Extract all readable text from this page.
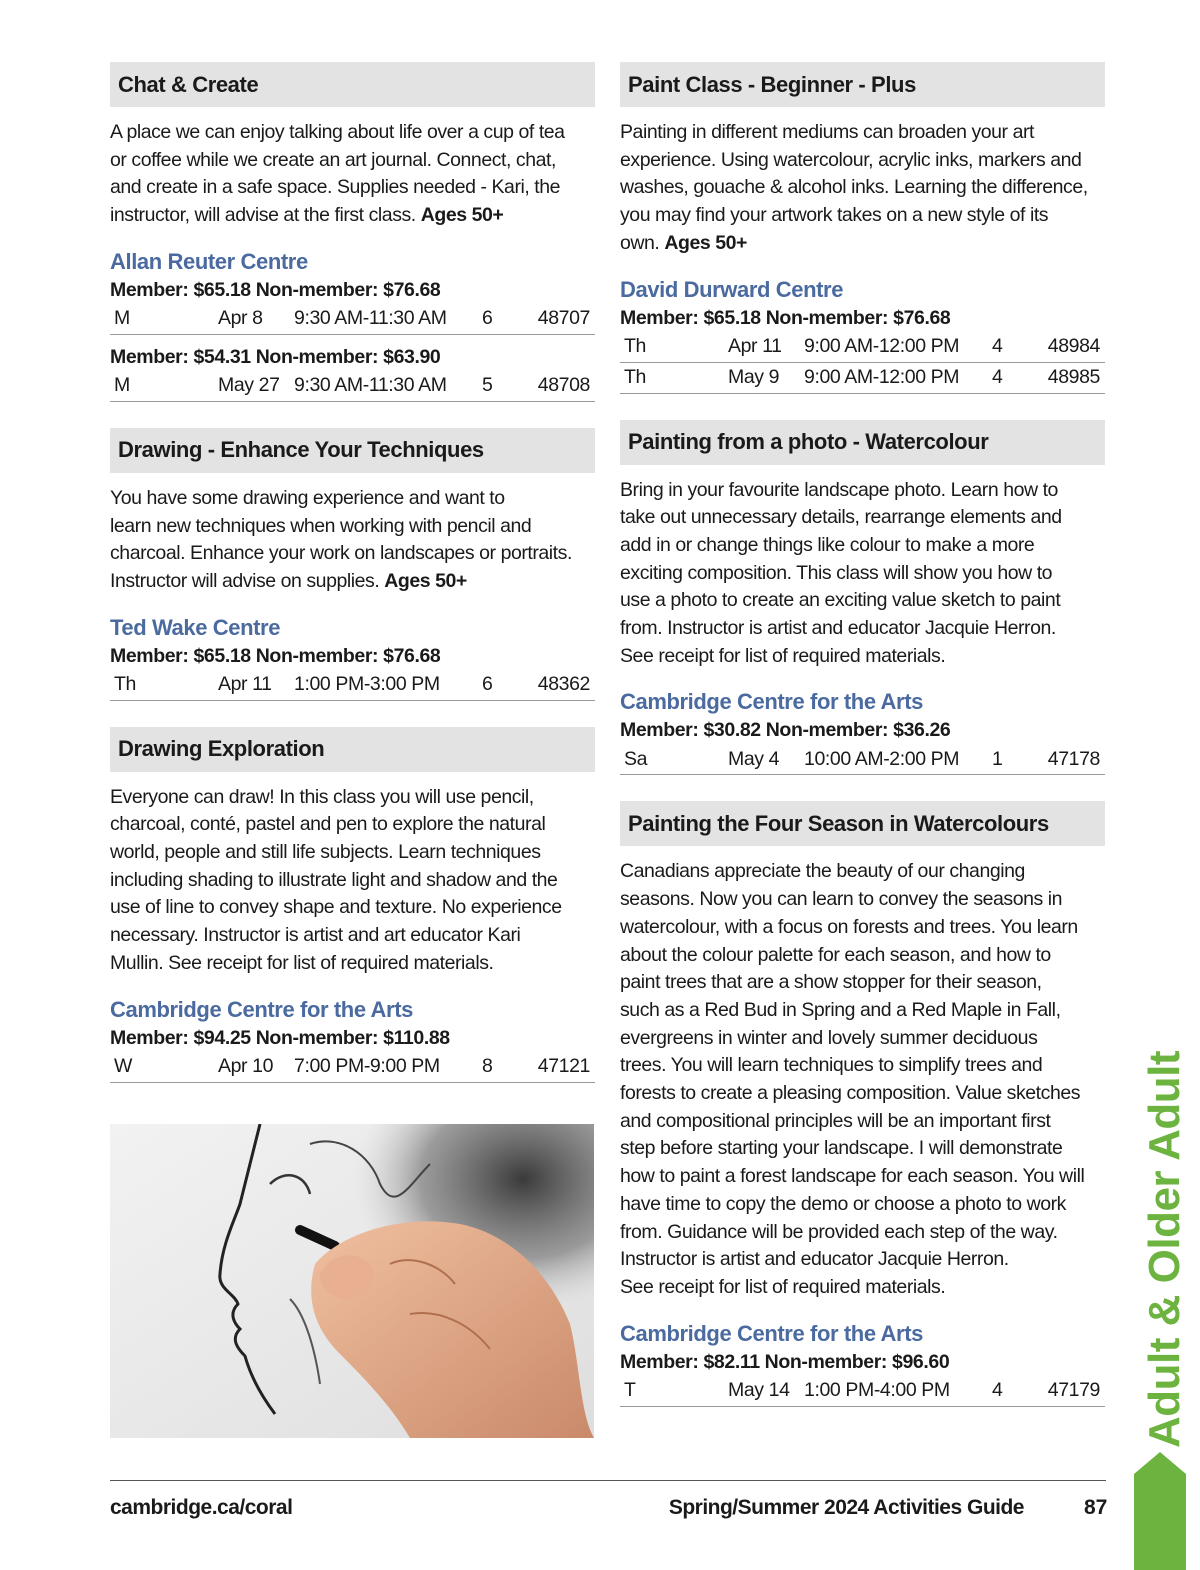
Chat & Create
A place we can enjoy talking about life over a cup of tea
or coffee while we create an art journal. Connect, chat,
and create in a safe space. Supplies needed - Kari, the
instructor, will advise at the first class. Ages 50+
Allan Reuter Centre
Member: $65.18 Non-member: $76.68
M	Apr 8	9:30 AM-11:30 AM	6	48707
Member: $54.31 Non-member: $63.90
M	May 27 9:30 AM-11:30 AM	5	48708
Drawing - Enhance Your Techniques
You have some drawing experience and want to
learn new techniques when working with pencil and
charcoal. Enhance your work on landscapes or portraits.
Instructor will advise on supplies. Ages 50+
Ted Wake Centre
Member: $65.18 Non-member: $76.68
Th	Apr 11	1:00 PM-3:00 PM	6	48362
Drawing Exploration
Everyone can draw! In this class you will use pencil,
charcoal, conté, pastel and pen to explore the natural
world, people and still life subjects. Learn techniques
including shading to illustrate light and shadow and the
use of line to convey shape and texture. No experience
necessary. Instructor is artist and art educator Kari
Mullin. See receipt for list of required materials.
Cambridge Centre for the Arts
Member: $94.25 Non-member: $110.88
W	Apr 10	7:00 PM-9:00 PM	8	47121
Paint Class - Beginner - Plus
Painting in different mediums can broaden your art
experience. Using watercolour, acrylic inks, markers and
washes, gouache & alcohol inks. Learning the difference,
you may find your artwork takes on a new style of its
own. Ages 50+
David Durward Centre
Member: $65.18 Non-member: $76.68
Th	Apr 11	9:00 AM-12:00 PM	4	48984
Th	May 9	9:00 AM-12:00 PM	4	48985
Painting from a photo - Watercolour
Bring in your favourite landscape photo. Learn how to
take out unnecessary details, rearrange elements and
add in or change things like colour to make a more
exciting composition. This class will show you how to
use a photo to create an exciting value sketch to paint
from. Instructor is artist and educator Jacquie Herron.
See receipt for list of required materials.
Cambridge Centre for the Arts
Member: $30.82 Non-member: $36.26
Sa	May 4	10:00 AM-2:00 PM	1	47178
Painting the Four Season in Watercolours
Canadians appreciate the beauty of our changing
seasons. Now you can learn to convey the seasons in
watercolour, with a focus on forests and trees. You learn
about the colour palette for each season, and how to
paint trees that are a show stopper for their season,
such as a Red Bud in Spring and a Red Maple in Fall,
evergreens in winter and lovely summer deciduous
trees. You will learn techniques to simplify trees and
forests to create a pleasing composition. Value sketches
and compositional principles will be an important first
step before starting your landscape. I will demonstrate
how to paint a forest landscape for each season. You will
have time to copy the demo or choose a photo to work
from. Guidance will be provided each step of the way.
Instructor is artist and educator Jacquie Herron.
See receipt for list of required materials.
Cambridge Centre for the Arts
Member: $82.11 Non-member: $96.60
T	May 14 1:00 PM-4:00 PM	4	47179 Adult & Older Adult
cambridge.ca/coral	Spring/Summer 2024 Activities Guide	87
